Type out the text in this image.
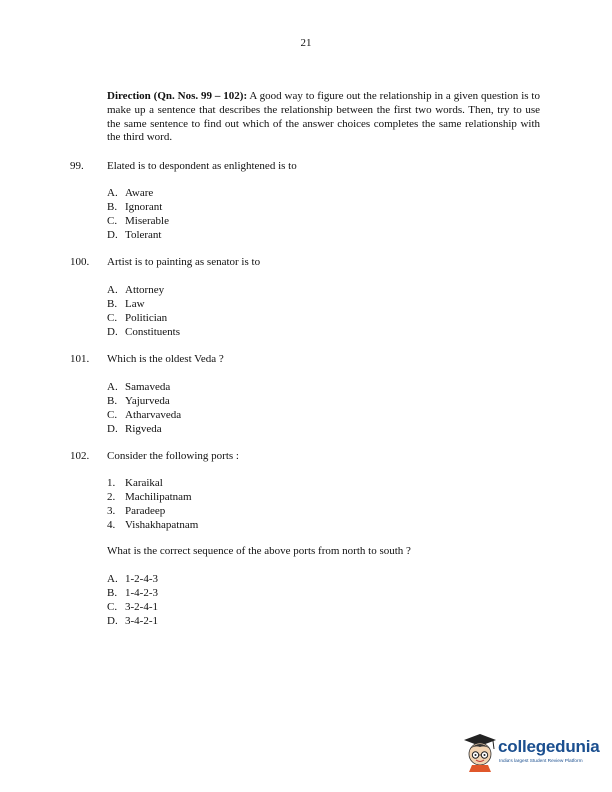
21
Direction (Qn. Nos. 99 – 102): A good way to figure out the relationship in a given question is to make up a sentence that describes the relationship between the first two words. Then, try to use the same sentence to find out which of the answer choices completes the same relationship with the third word.
99.	Elated is to despondent as enlightened is to
A. Aware
B. Ignorant
C. Miserable
D. Tolerant
100.	Artist is to painting as senator is to
A. Attorney
B. Law
C. Politician
D. Constituents
101.	Which is the oldest Veda ?
A. Samaveda
B. Yajurveda
C. Atharvaveda
D. Rigveda
102.	Consider the following ports :
1. Karaikal
2. Machilipatnam
3. Paradeep
4. Vishakhapatnam
What is the correct sequence of the above ports from north to south ?
A. 1-2-4-3
B. 1-4-2-3
C. 3-2-4-1
D. 3-4-2-1
collegedunia
India's largest Student Review Platform
